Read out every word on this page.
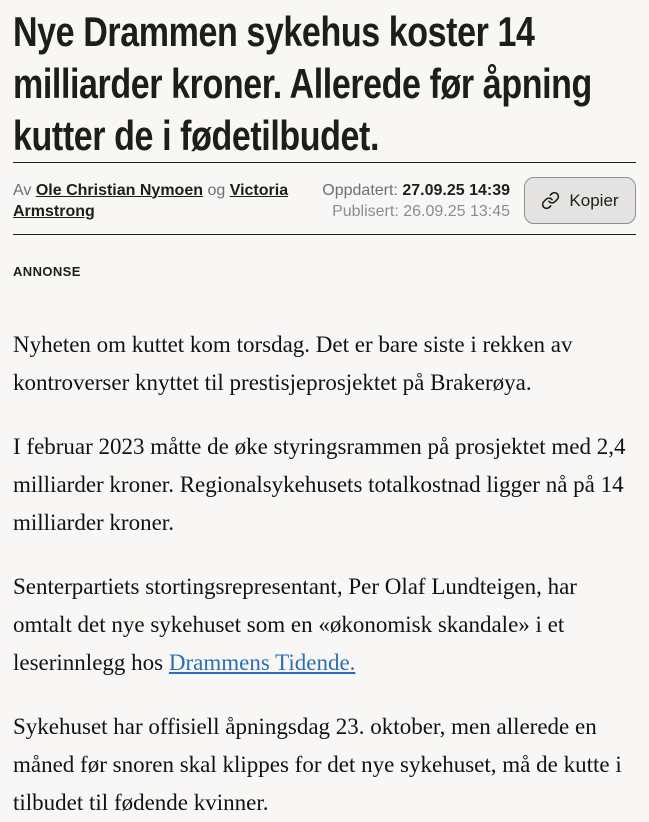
Nye Drammen sykehus koster 14
milliarder kroner. Allerede før åpning
kutter de i fødetilbudet.
Av Ole Christian Nymoen og Victoria Armstrong
Oppdatert: 27.09.25 14:39
Publisert: 26.09.25 13:45
Kopier
ANNONSE

Nyheten om kuttet kom torsdag. Det er bare siste i rekken av kontroverser knyttet til prestisjeprosjektet på Brakerøya.

I februar 2023 måtte de øke styringsrammen på prosjektet med 2,4 milliarder kroner. Regionalsykehusets totalkostnad ligger nå på 14 milliarder kroner.

Senterpartiets stortingsrepresentant, Per Olaf Lundteigen, har omtalt det nye sykehuset som en «økonomisk skandale» i et leserinnlegg hos Drammens Tidende.

Sykehuset har offisiell åpningsdag 23. oktober, men allerede en måned før snoren skal klippes for det nye sykehuset, må de kutte i tilbudet til fødende kvinner.
